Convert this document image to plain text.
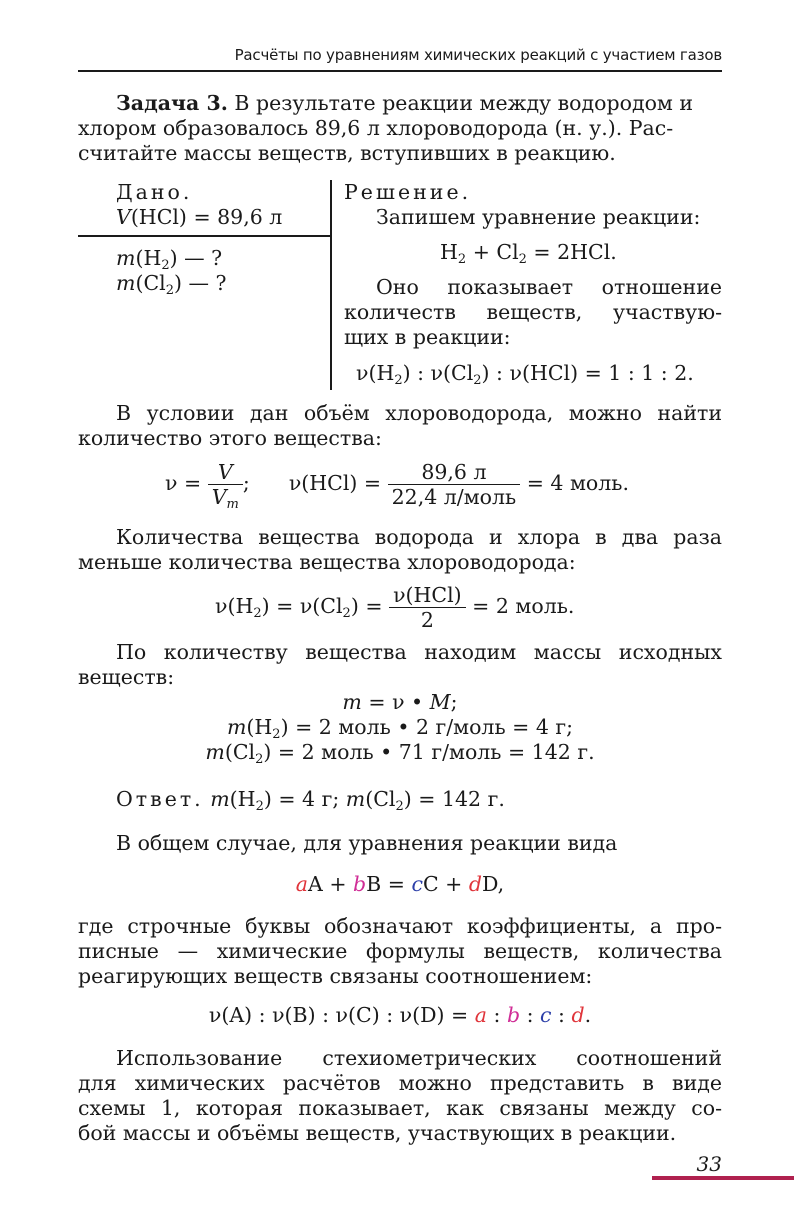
Расчёты по уравнениям химических реакций с участием газов
Задача 3. В результате реакции между водородом и
хлором образовалось 89,6 л хлороводорода (н. у.). Рас-
считайте массы веществ, вступивших в реакцию.
Дано.
V(HCl) = 89,6 л
$m(H_2)$ — ?
$m(Cl_2)$ — ?
Решение.
Запишем уравнение реакции:
$H_2 + Cl_2 = 2HCl$.
Оно показывает отношение
количеств веществ, участвую-
щих в реакции:
$\nu(H_2)$ : $\nu(Cl_2)$ : ν(HCl) = 1 : 1 : 2.
В условии дан объём хлороводорода, можно найти
количество этого вещества:
$\nu = \frac{V}{V_m}$ ; $\nu(HCl) = \frac{89,6 л}{\text{22,4 л/моль}} = 4$ моль.
Количества вещества водорода и хлора в два раза
меньше количества вещества хлороводорода:
$\nu(H_2) = \nu(Cl_2) = \frac{\text{ν(HCl)}}{2} = 2$ моль.
По количеству вещества находим массы исходных
веществ:
m = ν • M;
$m(H_2) = 2$ моль • 2 г/моль = 4 г;
$m(Cl_2) = 2$ моль • 71 г/моль = 142 г.
Ответ. $m(H_2) = 4$ г; $m(Cl_2) = 142$ г.
В общем случае, для уравнения реакции вида
aA + bB = cC + dD,
где строчные буквы обозначают коэффициенты, а про-
писные — химические формулы веществ, количества
реагирующих веществ связаны соотношением:
ν(A) : ν(B) : ν(C) : ν(D) = a : b : c : d.
Использование стехиометрических соотношений
для химических расчётов можно представить в виде
схемы 1, которая показывает, как связаны между со-
бой массы и объёмы веществ, участвующих в реакции.
33
